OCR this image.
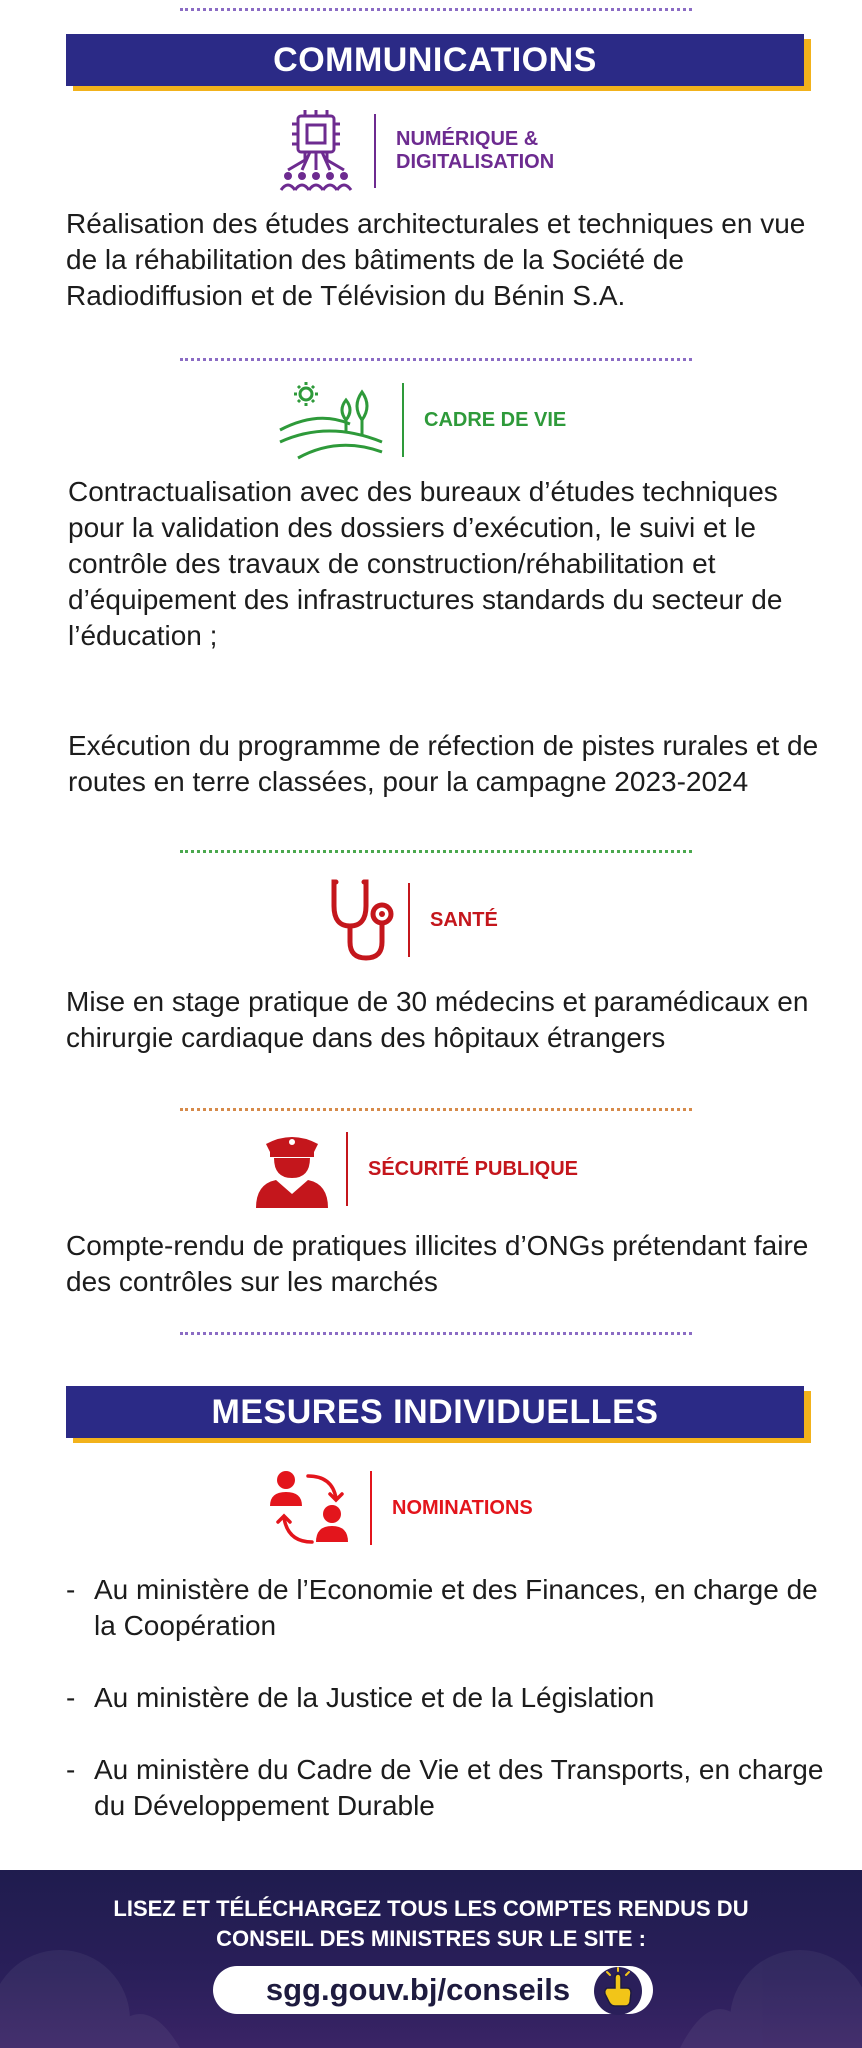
COMMUNICATIONS
NUMÉRIQUE &
DIGITALISATION

Réalisation des études architecturales et techniques en vue de la réhabilitation des bâtiments de la Société de Radiodiffusion et de Télévision du Bénin S.A.

CADRE DE VIE

Contractualisation avec des bureaux d’études techniques pour la validation des dossiers d’exécution, le suivi et le contrôle des travaux de construction/réhabilitation et d’équipement des infrastructures standards du secteur de l’éducation ;

Exécution du programme de réfection de pistes rurales et de routes en terre classées, pour la campagne 2023-2024

SANTÉ

Mise en stage pratique de 30 médecins et paramédicaux en chirurgie cardiaque dans des hôpitaux étrangers

SÉCURITÉ PUBLIQUE

Compte-rendu de pratiques illicites d’ONGs prétendant faire des contrôles sur les marchés

MESURES INDIVIDUELLES
NOMINATIONS
- Au ministère de l’Economie et des Finances, en charge de la Coopération
- Au ministère de la Justice et de la Législation
- Au ministère du Cadre de Vie et des Transports, en charge du Développement Durable
LISEZ ET TÉLÉCHARGEZ TOUS LES COMPTES RENDUS DU
CONSEIL DES MINISTRES SUR LE SITE :
sgg.gouv.bj/conseils
